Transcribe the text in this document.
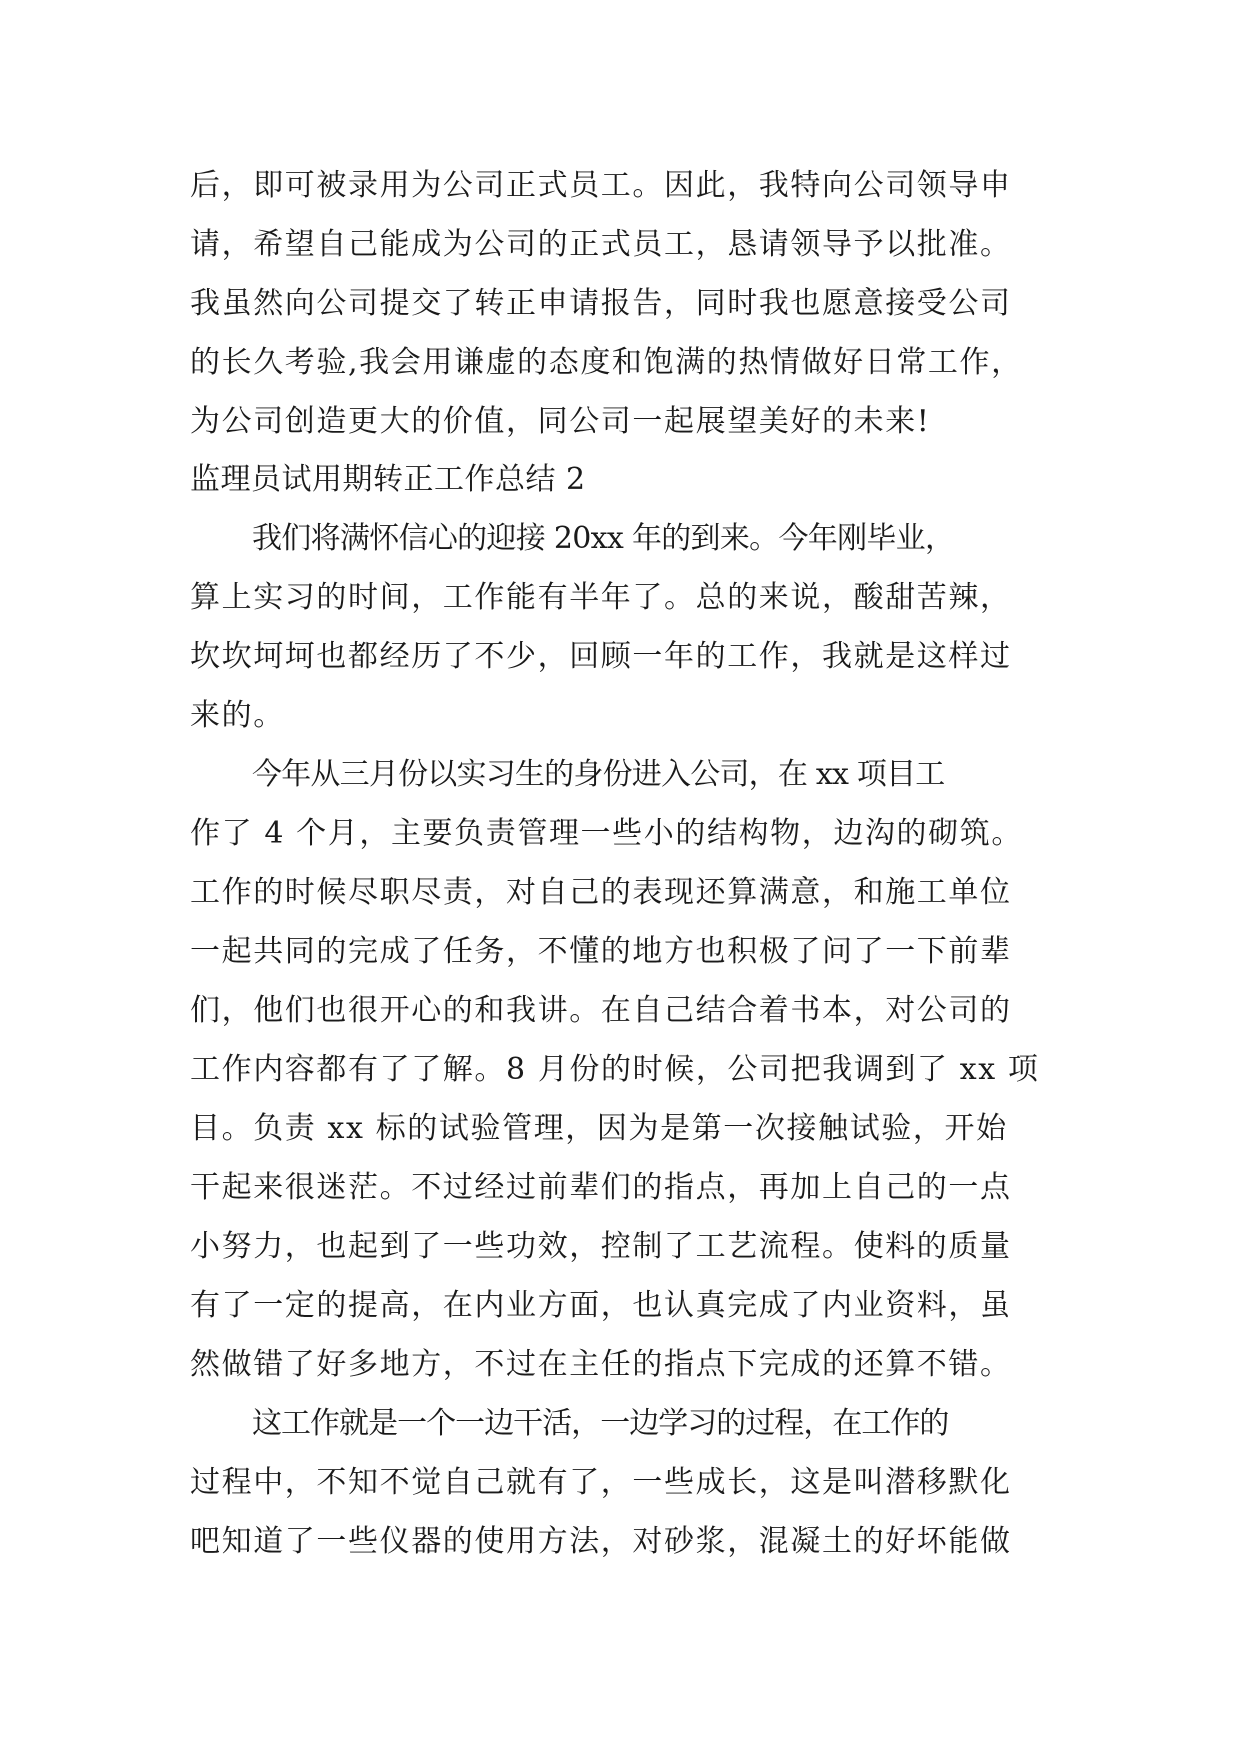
后，即可被录用为公司正式员工。因此，我特向公司领导申
请，希望自己能成为公司的正式员工，恳请领导予以批准。
我虽然向公司提交了转正申请报告，同时我也愿意接受公司
的长久考验,我会用谦虚的态度和饱满的热情做好日常工作，
为公司创造更大的价值，同公司一起展望美好的未来!
监理员试用期转正工作总结 2
我们将满怀信心的迎接 20xx 年的到来。今年刚毕业，
算上实习的时间，工作能有半年了。总的来说，酸甜苦辣，
坎坎坷坷也都经历了不少，回顾一年的工作，我就是这样过
来的。
今年从三月份以实习生的身份进入公司，在 xx 项目工
作了 4 个月，主要负责管理一些小的结构物，边沟的砌筑。
工作的时候尽职尽责，对自己的表现还算满意，和施工单位
一起共同的完成了任务，不懂的地方也积极了问了一下前辈
们，他们也很开心的和我讲。在自己结合着书本，对公司的
工作内容都有了了解。8 月份的时候，公司把我调到了 xx 项
目。负责 xx 标的试验管理，因为是第一次接触试验，开始
干起来很迷茫。不过经过前辈们的指点，再加上自己的一点
小努力，也起到了一些功效，控制了工艺流程。使料的质量
有了一定的提高，在内业方面，也认真完成了内业资料，虽
然做错了好多地方，不过在主任的指点下完成的还算不错。
这工作就是一个一边干活，一边学习的过程，在工作的
过程中，不知不觉自己就有了，一些成长，这是叫潜移默化
吧知道了一些仪器的使用方法，对砂浆，混凝土的好坏能做
